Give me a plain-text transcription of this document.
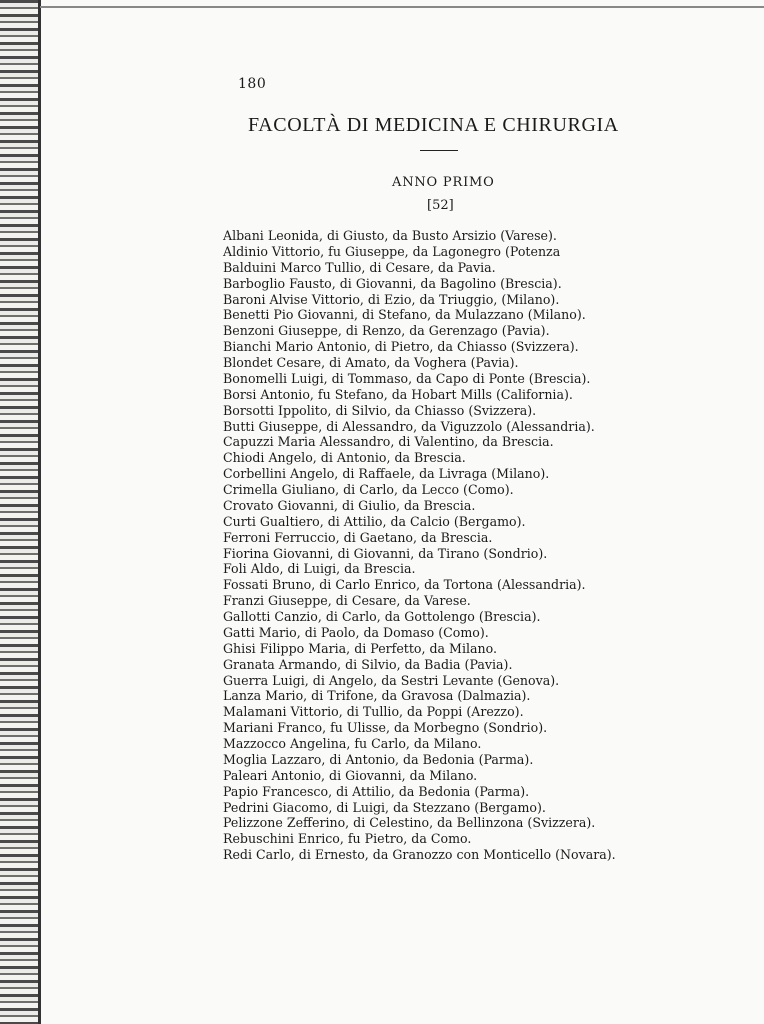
180
FACOLTÀ DI MEDICINA E CHIRURGIA
ANNO PRIMO
[52]
Albani Leonida, di Giusto, da Busto Arsizio (Varese).
Aldinio Vittorio, fu Giuseppe, da Lagonegro (Potenza
Balduini Marco Tullio, di Cesare, da Pavia.
Barboglio Fausto, di Giovanni, da Bagolino (Brescia).
Baroni Alvise Vittorio, di Ezio, da Triuggio, (Milano).
Benetti Pio Giovanni, di Stefano, da Mulazzano (Milano).
Benzoni Giuseppe, di Renzo, da Gerenzago (Pavia).
Bianchi Mario Antonio, di Pietro, da Chiasso (Svizzera).
Blondet Cesare, di Amato, da Voghera (Pavia).
Bonomelli Luigi, di Tommaso, da Capo di Ponte (Brescia).
Borsi Antonio, fu Stefano, da Hobart Mills (California).
Borsotti Ippolito, di Silvio, da Chiasso (Svizzera).
Butti Giuseppe, di Alessandro, da Viguzzolo (Alessandria).
Capuzzi Maria Alessandro, di Valentino, da Brescia.
Chiodi Angelo, di Antonio, da Brescia.
Corbellini Angelo, di Raffaele, da Livraga (Milano).
Crimella Giuliano, di Carlo, da Lecco (Como).
Crovato Giovanni, di Giulio, da Brescia.
Curti Gualtiero, di Attilio, da Calcio (Bergamo).
Ferroni Ferruccio, di Gaetano, da Brescia.
Fiorina Giovanni, di Giovanni, da Tirano (Sondrio).
Foli Aldo, di Luigi, da Brescia.
Fossati Bruno, di Carlo Enrico, da Tortona (Alessandria).
Franzi Giuseppe, di Cesare, da Varese.
Gallotti Canzio, di Carlo, da Gottolengo (Brescia).
Gatti Mario, di Paolo, da Domaso (Como).
Ghisi Filippo Maria, di Perfetto, da Milano.
Granata Armando, di Silvio, da Badia (Pavia).
Guerra Luigi, di Angelo, da Sestri Levante (Genova).
Lanza Mario, di Trifone, da Gravosa (Dalmazia).
Malamani Vittorio, di Tullio, da Poppi (Arezzo).
Mariani Franco, fu Ulisse, da Morbegno (Sondrio).
Mazzocco Angelina, fu Carlo, da Milano.
Moglia Lazzaro, di Antonio, da Bedonia (Parma).
Paleari Antonio, di Giovanni, da Milano.
Papio Francesco, di Attilio, da Bedonia (Parma).
Pedrini Giacomo, di Luigi, da Stezzano (Bergamo).
Pelizzone Zefferino, di Celestino, da Bellinzona (Svizzera).
Rebuschini Enrico, fu Pietro, da Como.
Redi Carlo, di Ernesto, da Granozzo con Monticello (Novara).
